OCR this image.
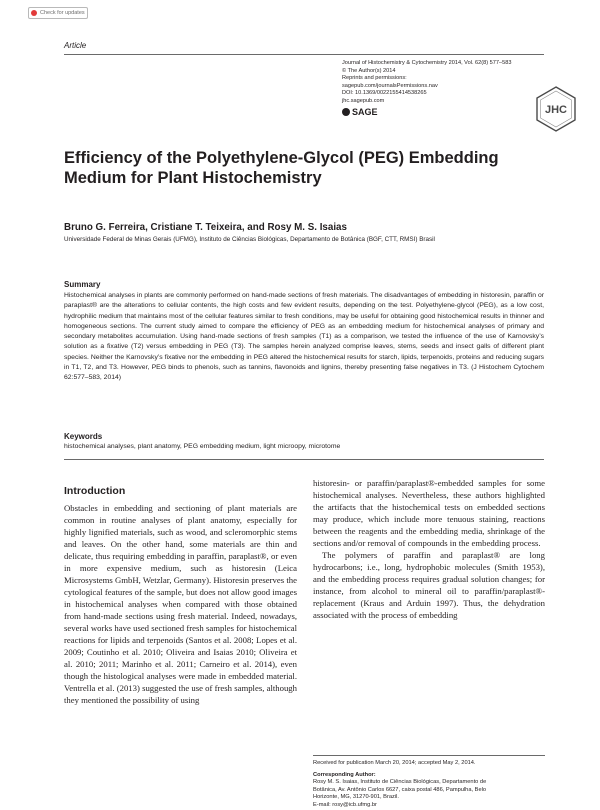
Check for updates
Article
Journal of Histochemistry & Cytochemistry 2014, Vol. 62(8) 577–583
© The Author(s) 2014
Reprints and permissions:
sagepub.com/journalsPermissions.nav
DOI: 10.1369/0022155414538265
jhc.sagepub.com
SAGE	JHC
Efficiency of the Polyethylene-Glycol (PEG) Embedding Medium for Plant Histochemistry
Bruno G. Ferreira, Cristiane T. Teixeira, and Rosy M. S. Isaias
Universidade Federal de Minas Gerais (UFMG), Instituto de Ciências Biológicas, Departamento de Botânica (BGF, CTT, RMSI) Brasil
Summary
Histochemical analyses in plants are commonly performed on hand-made sections of fresh materials. The disadvantages of embedding in historesin, paraffin or paraplast® are the alterations to cellular contents, the high costs and few evident results, depending on the test. Polyethylene-glycol (PEG), as a low cost, hydrophilic medium that maintains most of the cellular features similar to fresh conditions, may be useful for obtaining good histochemical results in thinner and homogeneous sections. The current study aimed to compare the efficiency of PEG as an embedding medium for histochemical analyses of primary and secondary metabolites accumulation. Using hand-made sections of fresh samples (T1) as a comparison, we tested the influence of the use of Karnovsky’s solution as a fixative (T2) versus embedding in PEG (T3). The samples herein analyzed comprise leaves, stems, seeds and insect galls of different plant species. Neither the Karnovsky’s fixative nor the embedding in PEG altered the histochemical results for starch, lipids, terpenoids, proteins and reducing sugars in T1, T2, and T3. However, PEG binds to phenols, such as tannins, flavonoids and lignins, thereby presenting false negatives in T3. (J Histochem Cytochem 62:577–583, 2014)
Keywords
histochemical analyses, plant anatomy, PEG embedding medium, light microopy, microtome
Introduction

Obstacles in embedding and sectioning of plant materials are common in routine analyses of plant anatomy, especially for highly lignified materials, such as wood, and scleromorphic stems and leaves. On the other hand, some materials are thin and delicate, thus requiring embedding in paraffin, paraplast®, or even in more expensive medium, such as historesin (Leica Microsystems GmbH, Wetzlar, Germany). Historesin preserves the cytological features of the sample, but does not allow good images in histochemical analyses when compared with those obtained from hand-made sections using fresh material. Indeed, nowadays, several works have used sectioned fresh samples for histochemical reactions for lipids and terpenoids (Santos et al. 2008; Lopes et al. 2009; Coutinho et al. 2010; Oliveira and Isaias 2010; Oliveira et al. 2010; 2011; Marinho et al. 2011; Carneiro et al. 2014), even though the histological analyses were made in embedded material. Ventrella et al. (2013) suggested the use of fresh samples, although they mentioned the possibility of using

historesin- or paraffin/paraplast®-embedded samples for some histochemical analyses. Nevertheless, these authors highlighted the artifacts that the histochemical tests on embedded sections may produce, which include more tenuous staining, reactions between the reagents and the embedding media, shrinkage of the sections and/or removal of compounds in the embedding process.

The polymers of paraffin and paraplast® are long hydrocarbons; i.e., long, hydrophobic molecules (Smith 1953), and the embedding process requires gradual solution changes; for instance, from alcohol to mineral oil to paraffin/paraplast®-replacement (Kraus and Arduin 1997). Thus, the dehydration associated with the process of embedding

Received for publication March 20, 2014; accepted May 2, 2014.
Corresponding Author:
Rosy M. S. Isaias, Instituto de Ciências Biológicas, Departamento de
Botânica, Av. Antônio Carlos 6627, caixa postal 486, Pampulha, Belo
Horizonte, MG, 31270-901, Brazil.
E-mail: rosy@icb.ufmg.br
